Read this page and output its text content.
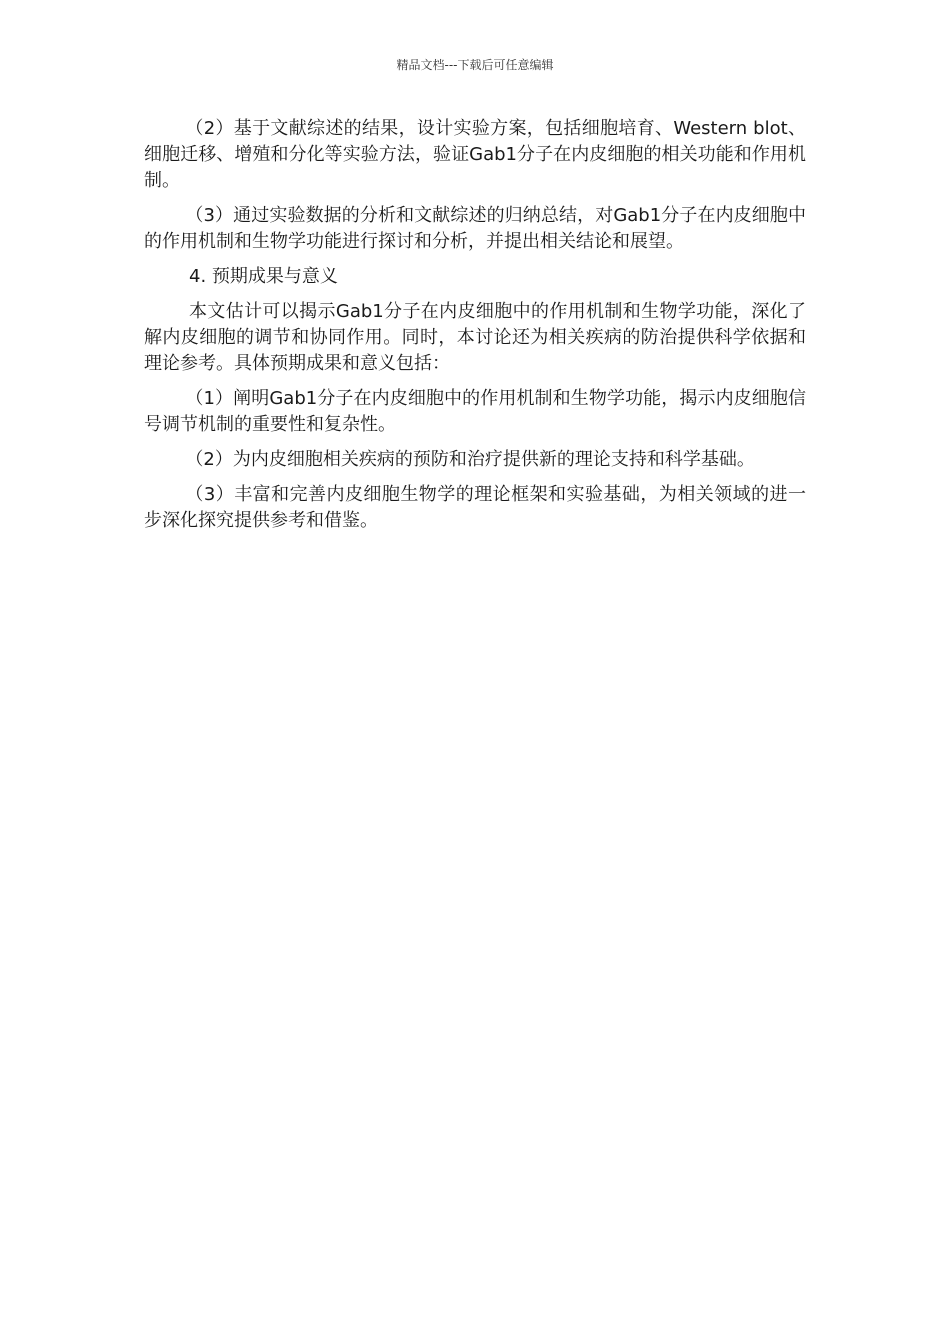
精品文档---下载后可任意编辑

（2）基于文献综述的结果，设计实验方案，包括细胞培育、Western blot、细胞迁移、增殖和分化等实验方法，验证Gab1分子在内皮细胞的相关功能和作用机制。

（3）通过实验数据的分析和文献综述的归纳总结，对Gab1分子在内皮细胞中的作用机制和生物学功能进行探讨和分析，并提出相关结论和展望。

4. 预期成果与意义

本文估计可以揭示Gab1分子在内皮细胞中的作用机制和生物学功能，深化了解内皮细胞的调节和协同作用。同时，本讨论还为相关疾病的防治提供科学依据和理论参考。具体预期成果和意义包括：

（1）阐明Gab1分子在内皮细胞中的作用机制和生物学功能，揭示内皮细胞信号调节机制的重要性和复杂性。

（2）为内皮细胞相关疾病的预防和治疗提供新的理论支持和科学基础。

（3）丰富和完善内皮细胞生物学的理论框架和实验基础，为相关领域的进一步深化探究提供参考和借鉴。
